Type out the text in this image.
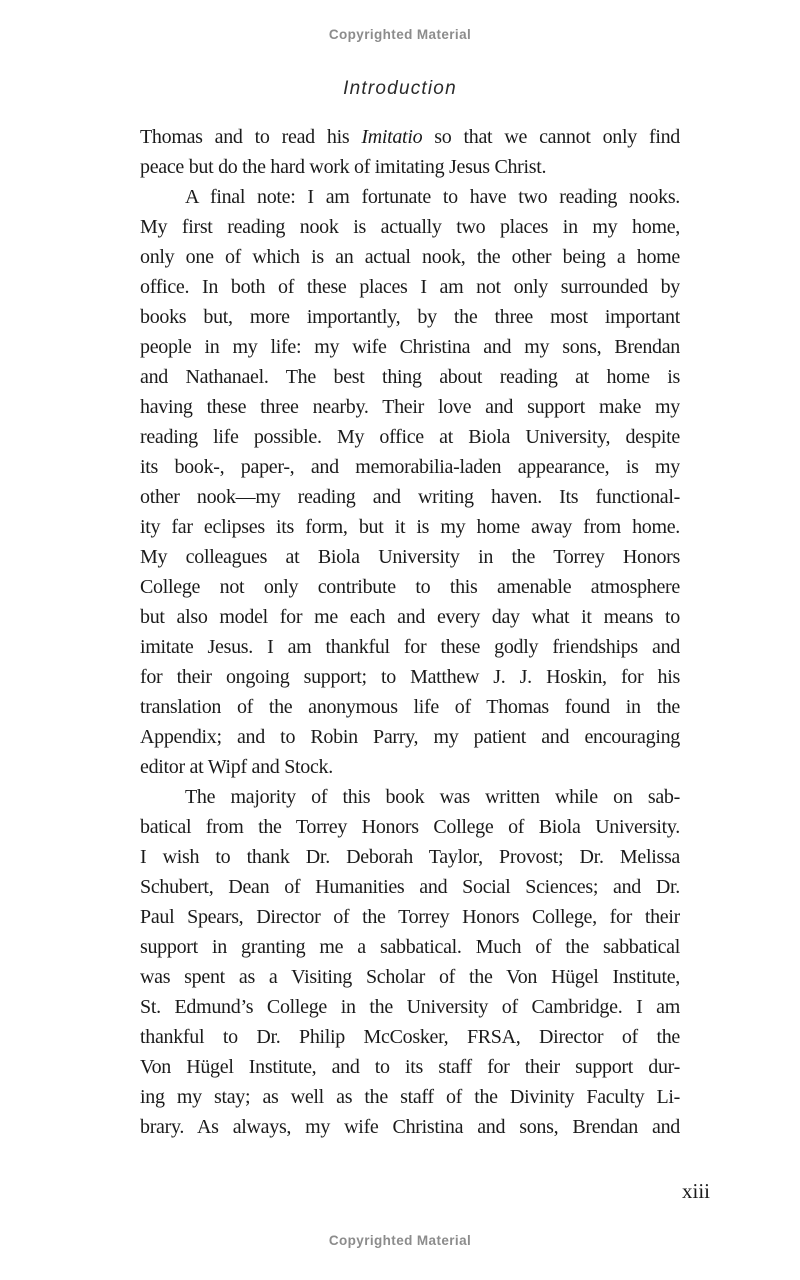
Copyrighted Material
Introduction
Thomas and to read his Imitatio so that we cannot only find
peace but do the hard work of imitating Jesus Christ.
A final note: I am fortunate to have two reading nooks.
My first reading nook is actually two places in my home,
only one of which is an actual nook, the other being a home
office. In both of these places I am not only surrounded by
books but, more importantly, by the three most important
people in my life: my wife Christina and my sons, Brendan
and Nathanael. The best thing about reading at home is
having these three nearby. Their love and support make my
reading life possible. My office at Biola University, despite
its book-, paper-, and memorabilia-laden appearance, is my
other nook—my reading and writing haven. Its functional-
ity far eclipses its form, but it is my home away from home.
My colleagues at Biola University in the Torrey Honors
College not only contribute to this amenable atmosphere
but also model for me each and every day what it means to
imitate Jesus. I am thankful for these godly friendships and
for their ongoing support; to Matthew J. J. Hoskin, for his
translation of the anonymous life of Thomas found in the
Appendix; and to Robin Parry, my patient and encouraging
editor at Wipf and Stock.
The majority of this book was written while on sab-
batical from the Torrey Honors College of Biola University.
I wish to thank Dr. Deborah Taylor, Provost; Dr. Melissa
Schubert, Dean of Humanities and Social Sciences; and Dr.
Paul Spears, Director of the Torrey Honors College, for their
support in granting me a sabbatical. Much of the sabbatical
was spent as a Visiting Scholar of the Von Hügel Institute,
St. Edmund’s College in the University of Cambridge. I am
thankful to Dr. Philip McCosker, FRSA, Director of the
Von Hügel Institute, and to its staff for their support dur-
ing my stay; as well as the staff of the Divinity Faculty Li-
brary. As always, my wife Christina and sons, Brendan and
xiii
Copyrighted Material
